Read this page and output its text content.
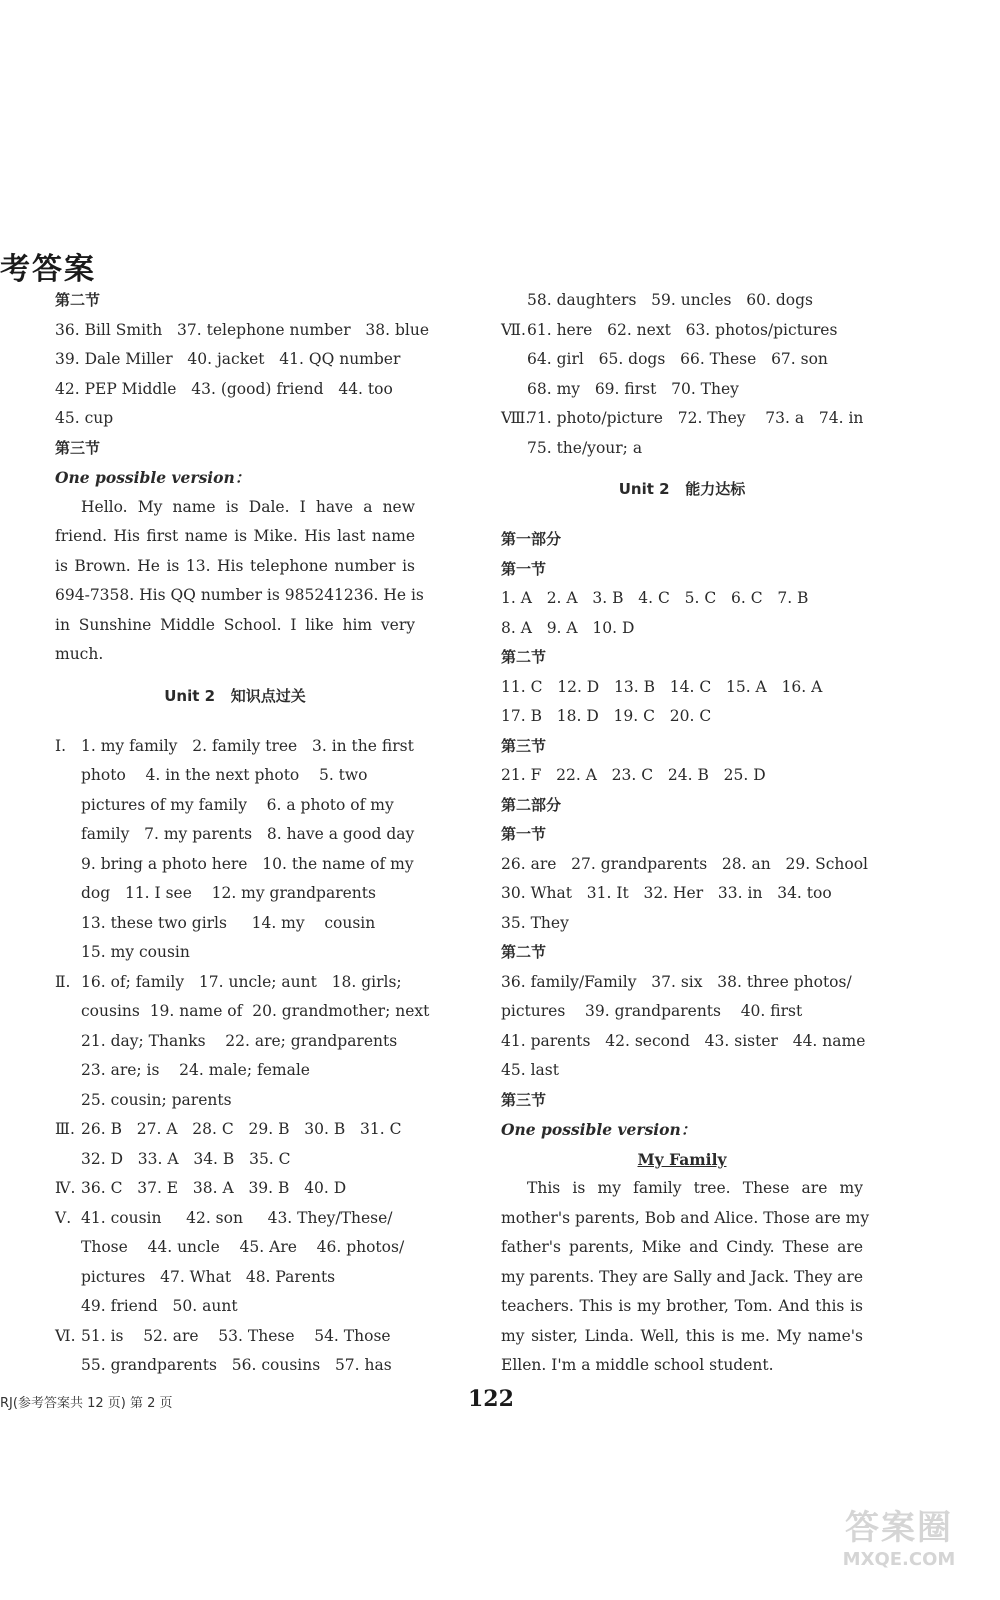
考答案
第二节
36. Bill Smith   37. telephone number   38. blue
39. Dale Miller   40. jacket   41. QQ number
42. PEP Middle   43. (good) friend   44. too
45. cup
第三节
One possible version：
Hello. My name is Dale. I have a new
friend. His first name is Mike. His last name
is Brown. He is 13. His telephone number is
694-7358. His QQ number is 985241236. He is
in Sunshine Middle School. I like him very
much.
Unit 2   知识点过关
Ⅰ. 1. my family   2. family tree   3. in the first
photo    4. in the next photo    5. two
pictures of my family    6. a photo of my
family   7. my parents   8. have a good day
9. bring a photo here   10. the name of my
dog   11. I see    12. my grandparents
13. these two girls     14. my    cousin
15. my cousin
Ⅱ. 16. of; family   17. uncle; aunt   18. girls;
cousins  19. name of  20. grandmother; next
21. day; Thanks    22. are; grandparents
23. are; is    24. male; female
25. cousin; parents
Ⅲ. 26. B   27. A   28. C   29. B   30. B   31. C
32. D   33. A   34. B   35. C
Ⅳ. 36. C   37. E   38. A   39. B   40. D
Ⅴ. 41. cousin     42. son     43. They/These/
Those    44. uncle    45. Are    46. photos/
pictures   47. What   48. Parents
49. friend   50. aunt
Ⅵ. 51. is    52. are    53. These    54. Those
55. grandparents   56. cousins   57. has
58. daughters   59. uncles   60. dogs
Ⅶ.61. here   62. next   63. photos/pictures
64. girl   65. dogs   66. These   67. son
68. my   69. first   70. They
Ⅷ.71. photo/picture   72. They    73. a   74. in
75. the/your; a
Unit 2   能力达标
第一部分
第一节
1. A   2. A   3. B   4. C   5. C   6. C   7. B
8. A   9. A   10. D
第二节
11. C   12. D   13. B   14. C   15. A   16. A
17. B   18. D   19. C   20. C
第三节
21. F   22. A   23. C   24. B   25. D
第二部分
第一节
26. are   27. grandparents   28. an   29. School
30. What   31. It   32. Her   33. in   34. too
35. They
第二节
36. family/Family   37. six   38. three photos/
pictures    39. grandparents    40. first
41. parents   42. second   43. sister   44. name
45. last
第三节
One possible version：
My Family
This is my family tree. These are my
mother's parents, Bob and Alice. Those are my
father's parents, Mike and Cindy. These are
my parents. They are Sally and Jack. They are
teachers. This is my brother, Tom. And this is
my sister, Linda. Well, this is me. My name's
Ellen. I'm a middle school student.
RJ(参考答案共 12 页) 第 2 页	122
答案圈
MXQE.COM
